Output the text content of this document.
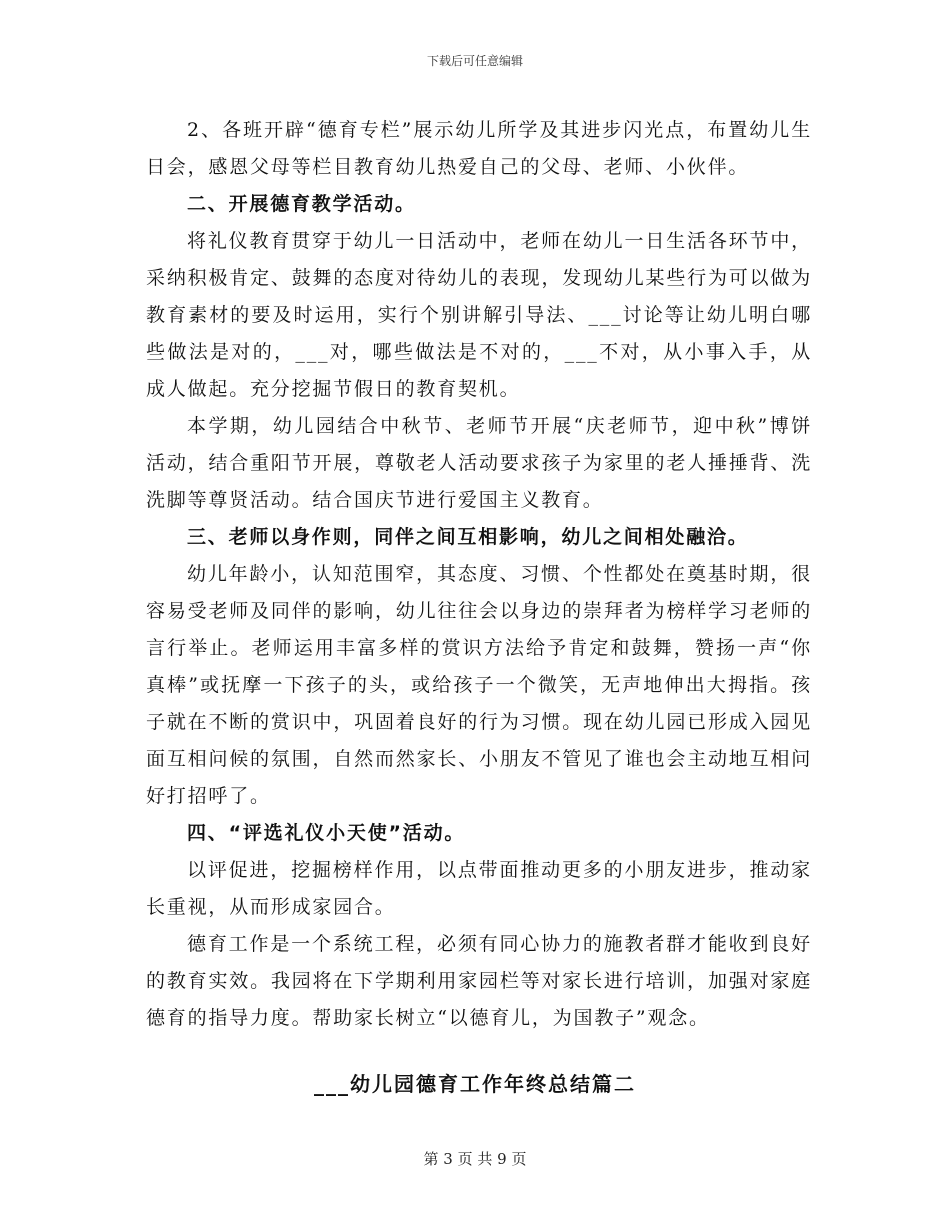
下载后可任意编辑

2、各班开辟“德育专栏”展示幼儿所学及其进步闪光点，布置幼儿生日会，感恩父母等栏目教育幼儿热爱自己的父母、老师、小伙伴。

二、开展德育教学活动。

将礼仪教育贯穿于幼儿一日活动中，老师在幼儿一日生活各环节中，采纳积极肯定、鼓舞的态度对待幼儿的表现，发现幼儿某些行为可以做为教育素材的要及时运用，实行个别讲解引导法、___讨论等让幼儿明白哪些做法是对的，___对，哪些做法是不对的，___不对，从小事入手，从成人做起。充分挖掘节假日的教育契机。

本学期，幼儿园结合中秋节、老师节开展“庆老师节，迎中秋”博饼活动，结合重阳节开展，尊敬老人活动要求孩子为家里的老人捶捶背、洗洗脚等尊贤活动。结合国庆节进行爱国主义教育。

三、老师以身作则，同伴之间互相影响，幼儿之间相处融洽。

幼儿年龄小，认知范围窄，其态度、习惯、个性都处在奠基时期，很容易受老师及同伴的影响，幼儿往往会以身边的崇拜者为榜样学习老师的言行举止。老师运用丰富多样的赏识方法给予肯定和鼓舞，赞扬一声“你真棒”或抚摩一下孩子的头，或给孩子一个微笑，无声地伸出大拇指。孩子就在不断的赏识中，巩固着良好的行为习惯。现在幼儿园已形成入园见面互相问候的氛围，自然而然家长、小朋友不管见了谁也会主动地互相问好打招呼了。

四、“评选礼仪小天使”活动。

以评促进，挖掘榜样作用，以点带面推动更多的小朋友进步，推动家长重视，从而形成家园合。

德育工作是一个系统工程，必须有同心协力的施教者群才能收到良好的教育实效。我园将在下学期利用家园栏等对家长进行培训，加强对家庭德育的指导力度。帮助家长树立“以德育儿，为国教子”观念。

___幼儿园德育工作年终总结篇二
第 3 页 共 9 页
